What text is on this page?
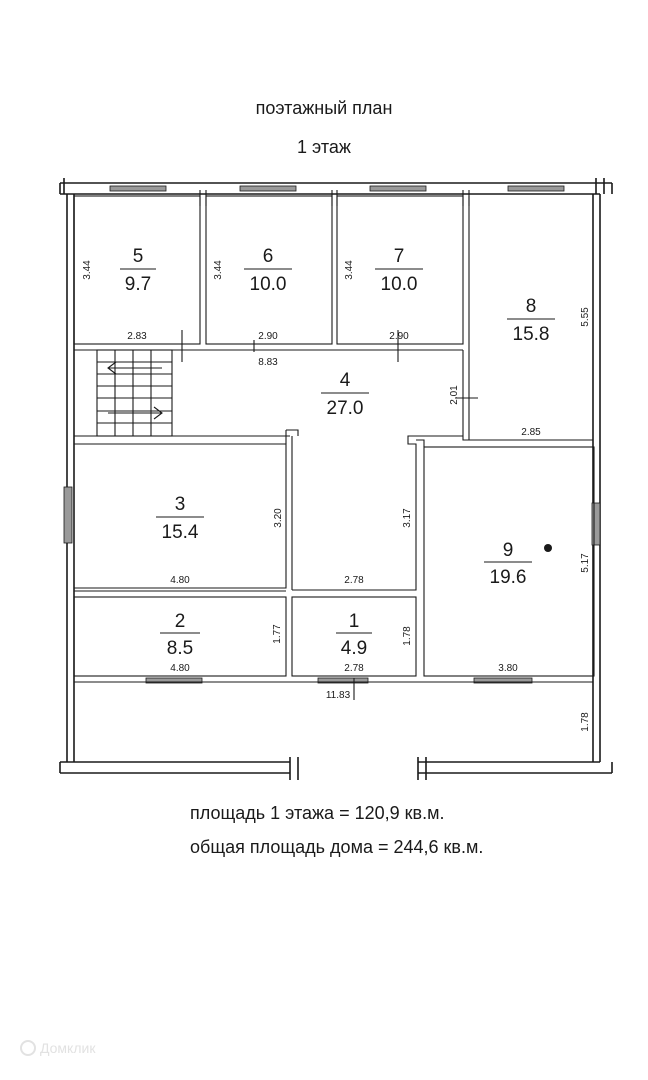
поэтажный план
1 этаж
5
9.7
6
10.0
7
10.0
8
15.8
4
27.0
3
15.4
9
19.6
2
8.5
1
4.9
3.44	3.44	3.44
2.83	2.90	2.90
8.83
5.55
2.85
2.01
3.20
4.80
3.17
2.78
5.17
3.80
1.77
4.80
1.78
2.78
11.83
1.78
площадь 1 этажа = 120,9 кв.м.
общая площадь дома = 244,6 кв.м.
Домклик
